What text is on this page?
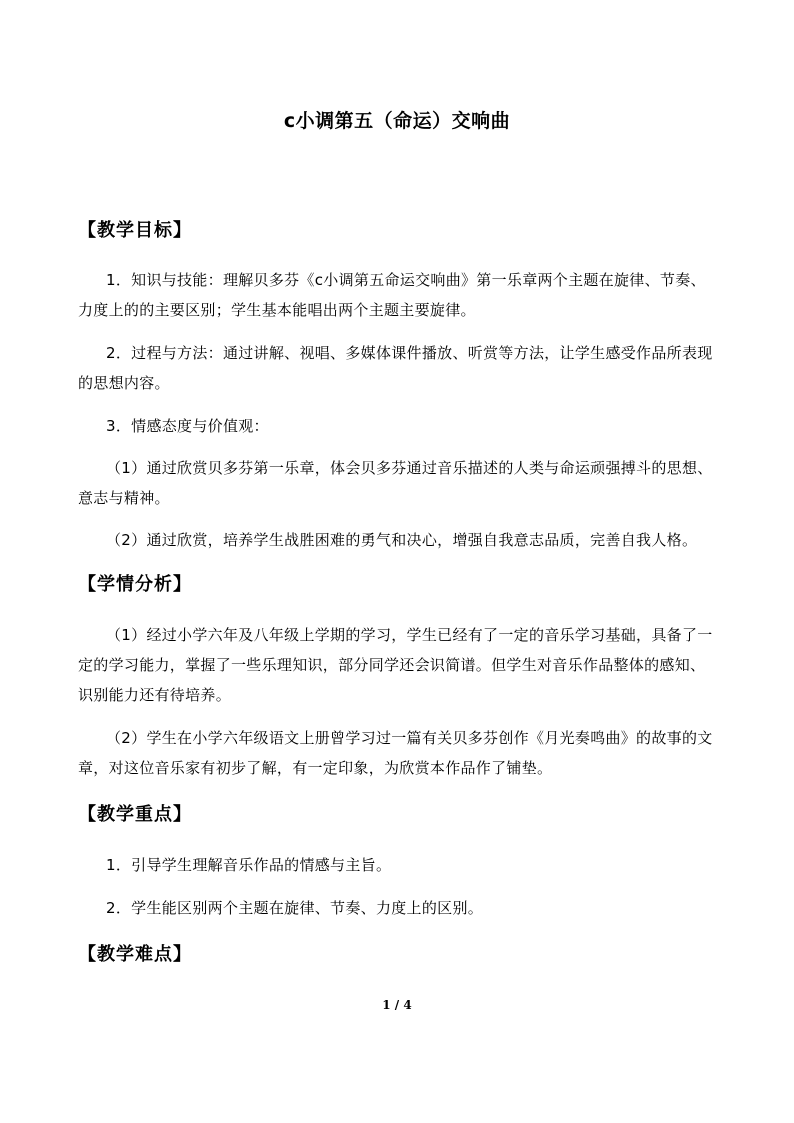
c小调第五（命运）交响曲
【教学目标】
1．知识与技能：理解贝多芬《c小调第五命运交响曲》第一乐章两个主题在旋律、节奏、力度上的的主要区别；学生基本能唱出两个主题主要旋律。
2．过程与方法：通过讲解、视唱、多媒体课件播放、听赏等方法，让学生感受作品所表现的思想内容。
3．情感态度与价值观：
（1）通过欣赏贝多芬第一乐章，体会贝多芬通过音乐描述的人类与命运顽强搏斗的思想、意志与精神。
（2）通过欣赏，培养学生战胜困难的勇气和决心，增强自我意志品质，完善自我人格。
【学情分析】
（1）经过小学六年及八年级上学期的学习，学生已经有了一定的音乐学习基础，具备了一定的学习能力，掌握了一些乐理知识，部分同学还会识简谱。但学生对音乐作品整体的感知、识别能力还有待培养。
（2）学生在小学六年级语文上册曾学习过一篇有关贝多芬创作《月光奏鸣曲》的故事的文章，对这位音乐家有初步了解，有一定印象，为欣赏本作品作了铺垫。
【教学重点】
1．引导学生理解音乐作品的情感与主旨。
2．学生能区别两个主题在旋律、节奏、力度上的区别。
【教学难点】
1 / 4
